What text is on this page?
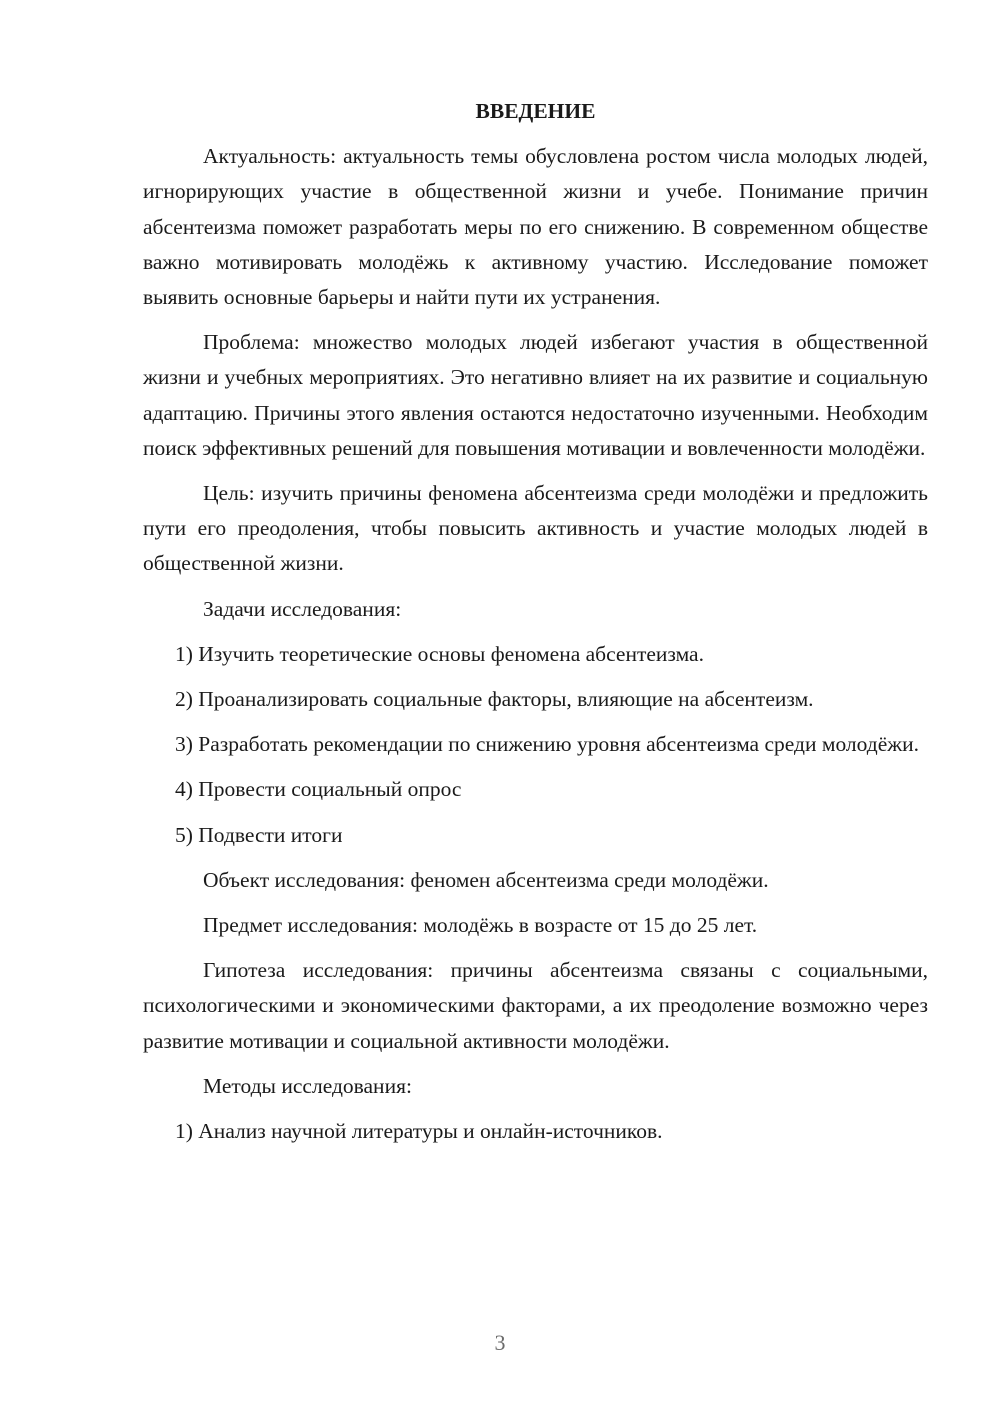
ВВЕДЕНИЕ
Актуальность: актуальность темы обусловлена ростом числа молодых людей, игнорирующих участие в общественной жизни и учебе. Понимание причин абсентеизма поможет разработать меры по его снижению. В современном обществе важно мотивировать молодёжь к активному участию. Исследование поможет выявить основные барьеры и найти пути их устранения.
Проблема: множество молодых людей избегают участия в общественной жизни и учебных мероприятиях. Это негативно влияет на их развитие и социальную адаптацию. Причины этого явления остаются недостаточно изученными. Необходим поиск эффективных решений для повышения мотивации и вовлеченности молодёжи.
Цель: изучить причины феномена абсентеизма среди молодёжи и предложить пути его преодоления, чтобы повысить активность и участие молодых людей в общественной жизни.
Задачи исследования:
1) Изучить теоретические основы феномена абсентеизма.
2) Проанализировать социальные факторы, влияющие на абсентеизм.
3) Разработать рекомендации по снижению уровня абсентеизма среди молодёжи.
4) Провести социальный опрос
5) Подвести итоги
Объект исследования: феномен абсентеизма среди молодёжи.
Предмет исследования: молодёжь в возрасте от 15 до 25 лет.
Гипотеза исследования: причины абсентеизма связаны с социальными, психологическими и экономическими факторами, а их преодоление возможно через развитие мотивации и социальной активности молодёжи.
Методы исследования:
1) Анализ научной литературы и онлайн-источников.
3
